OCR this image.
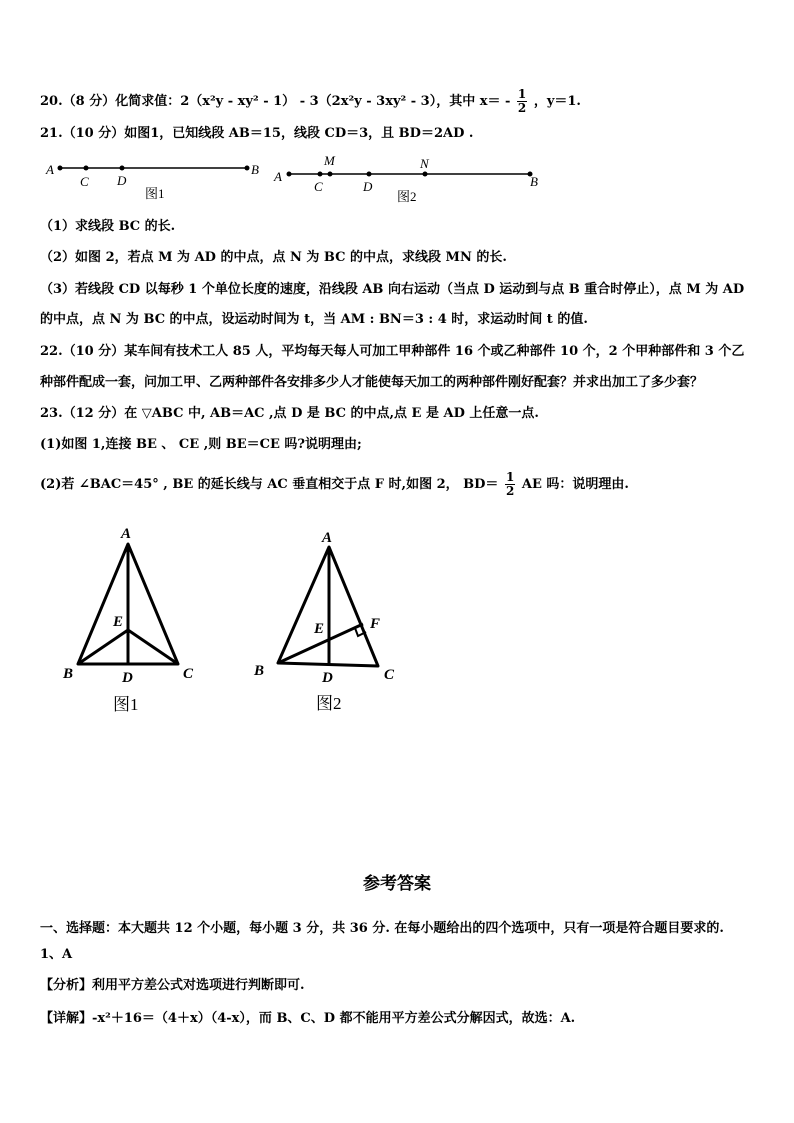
20.（8 分）化简求值：2（x²y - xy² - 1） - 3（2x²y - 3xy² - 3），其中 $x= - \frac{1}{2}$ ，y＝1.
21.（10 分）如图1，已知线段 AB＝15，线段 CD＝3，且 BD＝2AD .
A
C D
B
图1
A
M
C	D
N
B
图2
（1）求线段 BC 的长.
（2）如图 2，若点 M 为 AD 的中点，点 N 为 BC 的中点，求线段 MN 的长.
（3）若线段 CD 以每秒 1 个单位长度的速度，沿线段 AB 向右运动（当点 D 运动到与点 B 重合时停止），点 M 为 AD
的中点，点 N 为 BC 的中点，设运动时间为 t，当 AM : BN＝3 : 4 时，求运动时间 t 的值.
22.（10 分）某车间有技术工人 85 人，平均每天每人可加工甲种部件 16 个或乙种部件 10 个，2 个甲种部件和 3 个乙
种部件配成一套，问加工甲、乙两种部件各安排多少人才能使每天加工的两种部件刚好配套？并求出加工了多少套？
23.（12 分）在 ▽ABC 中, AB＝AC ,点 D 是 BC 的中点,点 E 是 AD 上任意一点.
(1)如图 1,连接 BE 、 CE ,则 BE＝CE 吗?说明理由;
(2)若 ∠BAC＝45° , BE 的延长线与 AC 垂直相交于点 F 时,如图 2， $BD= \frac{1}{2}$ AE 吗：说明理由.
A
E
B	D	C
图1
A
E	F
B	D	C
图2
参考答案
一、选择题：本大题共 12 个小题，每小题 3 分，共 36 分. 在每小题给出的四个选项中，只有一项是符合题目要求的.
1、A
【分析】利用平方差公式对选项进行判断即可.
【详解】-x²＋16＝（4＋x）（4-x），而 B、C、D 都不能用平方差公式分解因式，故选：A.
